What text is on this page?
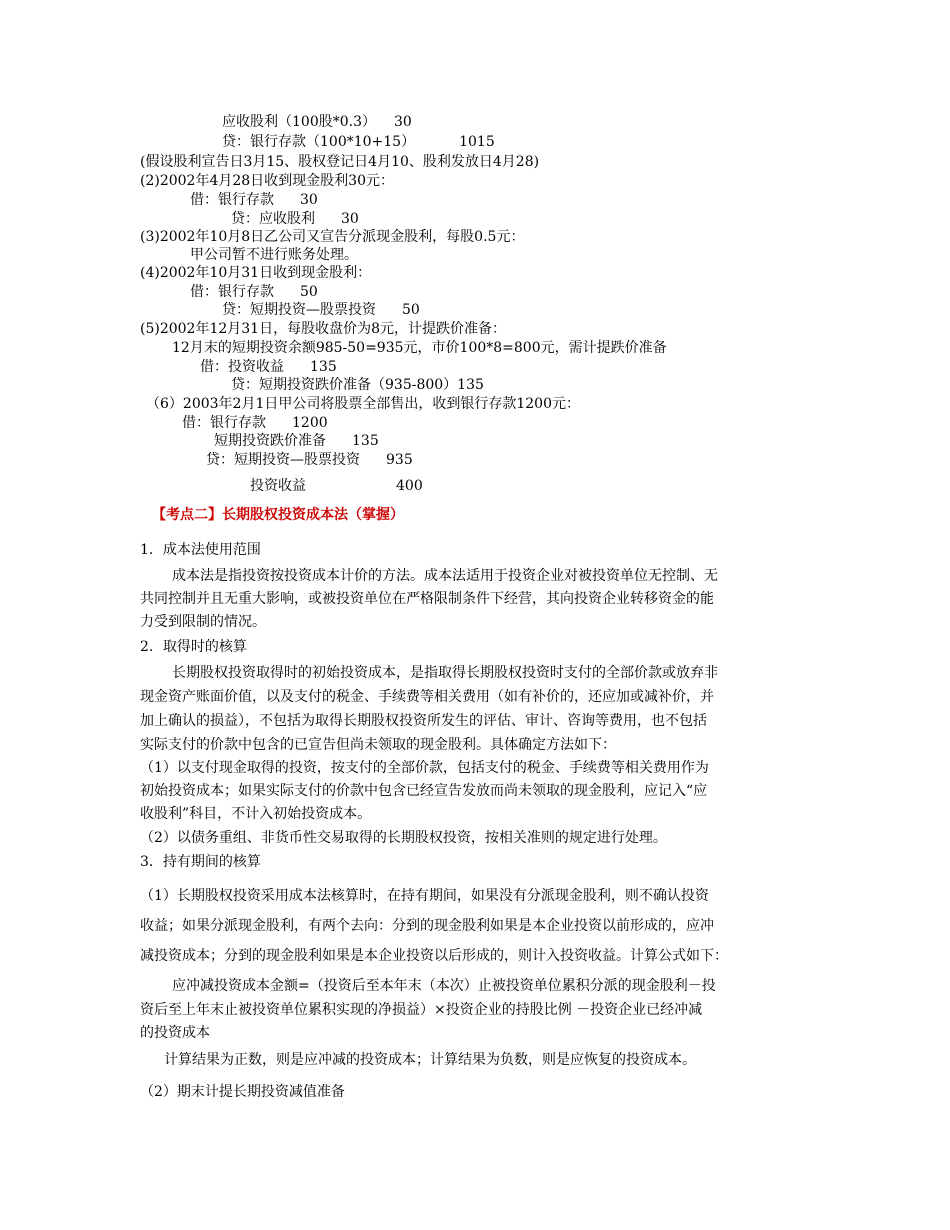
应收股利（100股*0.3） 30
贷：银行存款（100*10+15）	1015
(假设股利宣告日3月15、股权登记日4月10、股利发放日4月28)
(2)2002年4月28日收到现金股利30元：
借：银行存款 30
贷：应收股利 30
(3)2002年10月8日乙公司又宣告分派现金股利，每股0.5元：
甲公司暂不进行账务处理。
(4)2002年10月31日收到现金股利：
借：银行存款 50
贷：短期投资—股票投资 50
(5)2002年12月31日，每股收盘价为8元，计提跌价准备：
12月末的短期投资余额985-50=935元，市价100*8=800元，需计提跌价准备
借：投资收益 135
贷：短期投资跌价准备（935-800）135
（6）2003年2月1日甲公司将股票全部售出，收到银行存款1200元：
借：银行存款 1200
短期投资跌价准备 135
贷：短期投资—股票投资 935
投资收益	400
【考点二】长期股权投资成本法（掌握）
1．成本法使用范围
成本法是指投资按投资成本计价的方法。成本法适用于投资企业对被投资单位无控制、无
共同控制并且无重大影响，或被投资单位在严格限制条件下经营，其向投资企业转移资金的能
力受到限制的情况。
2．取得时的核算
长期股权投资取得时的初始投资成本，是指取得长期股权投资时支付的全部价款或放弃非
现金资产账面价值，以及支付的税金、手续费等相关费用（如有补价的，还应加或减补价，并
加上确认的损益），不包括为取得长期股权投资所发生的评估、审计、咨询等费用，也不包括
实际支付的价款中包含的已宣告但尚未领取的现金股利。具体确定方法如下：
（1）以支付现金取得的投资，按支付的全部价款，包括支付的税金、手续费等相关费用作为
初始投资成本；如果实际支付的价款中包含已经宣告发放而尚未领取的现金股利，应记入“应
收股利”科目，不计入初始投资成本。
（2）以债务重组、非货币性交易取得的长期股权投资，按相关准则的规定进行处理。
3．持有期间的核算
（1）长期股权投资采用成本法核算时，在持有期间，如果没有分派现金股利，则不确认投资
收益；如果分派现金股利，有两个去向：分到的现金股利如果是本企业投资以前形成的，应冲
减投资成本；分到的现金股利如果是本企业投资以后形成的，则计入投资收益。计算公式如下：
应冲减投资成本金额=（投资后至本年末（本次）止被投资单位累积分派的现金股利－投
资后至上年末止被投资单位累积实现的净损益）×投资企业的持股比例 －投资企业已经冲减
的投资成本
计算结果为正数，则是应冲减的投资成本；计算结果为负数，则是应恢复的投资成本。
（2）期末计提长期投资减值准备
